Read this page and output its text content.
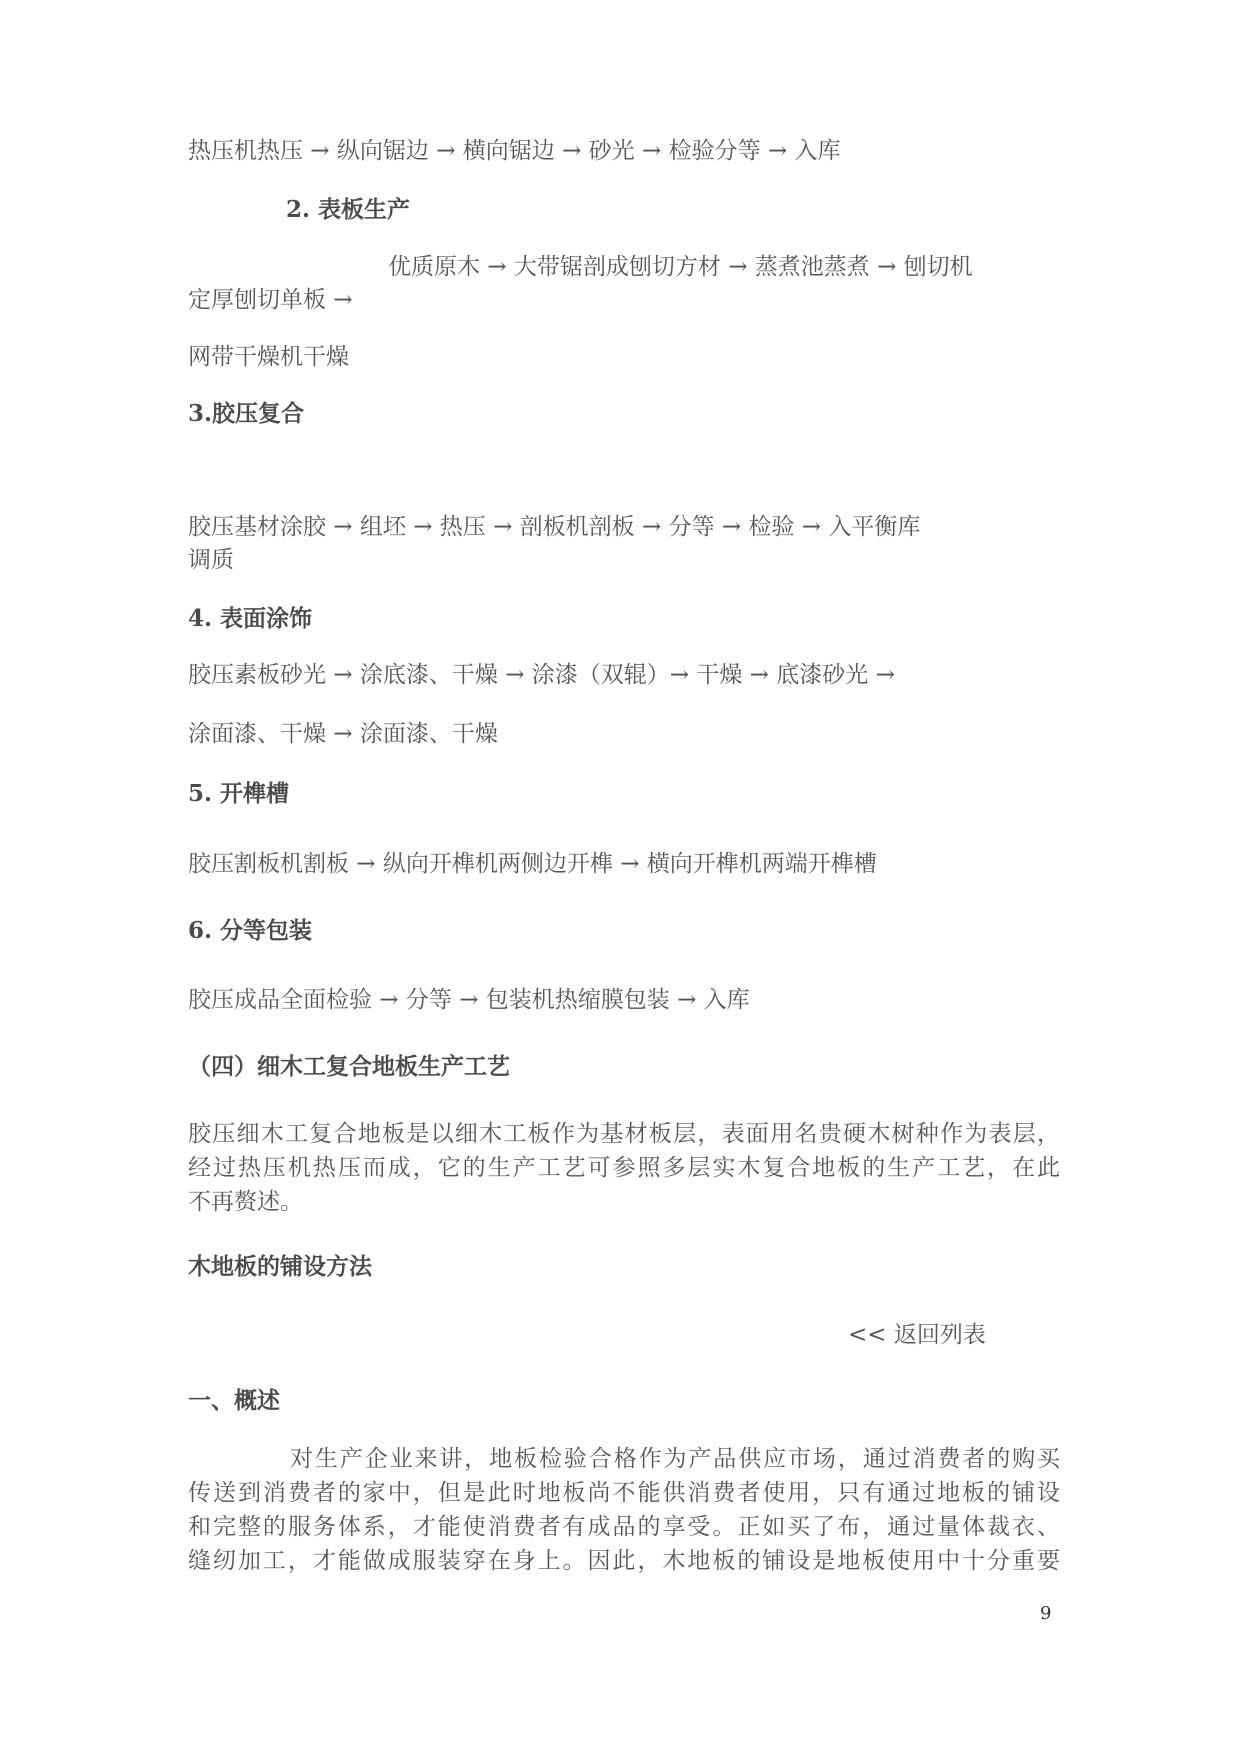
热压机热压 → 纵向锯边 → 横向锯边 → 砂光 → 检验分等 → 入库
2. 表板生产
优质原木 → 大带锯剖成刨切方材 → 蒸煮池蒸煮 → 刨切机
定厚刨切单板 →
网带干燥机干燥
3.胶压复合
胶压基材涂胶 → 组坯 → 热压 → 剖板机剖板 → 分等 → 检验 → 入平衡库
调质
4. 表面涂饰
胶压素板砂光 → 涂底漆、干燥 → 涂漆（双辊）→ 干燥 → 底漆砂光 →
涂面漆、干燥 → 涂面漆、干燥
5. 开榫槽
胶压割板机割板 → 纵向开榫机两侧边开榫 → 横向开榫机两端开榫槽
6. 分等包装
胶压成品全面检验 → 分等 → 包装机热缩膜包装 → 入库
（四）细木工复合地板生产工艺
胶压细木工复合地板是以细木工板作为基材板层，表面用名贵硬木树种作为表层，
经过热压机热压而成，它的生产工艺可参照多层实木复合地板的生产工艺，在此
不再赘述。
木地板的铺设方法
<< 返回列表
一、概述
对生产企业来讲，地板检验合格作为产品供应市场，通过消费者的购买
传送到消费者的家中，但是此时地板尚不能供消费者使用，只有通过地板的铺设
和完整的服务体系，才能使消费者有成品的享受。正如买了布，通过量体裁衣、
缝纫加工，才能做成服装穿在身上。因此，木地板的铺设是地板使用中十分重要
9
